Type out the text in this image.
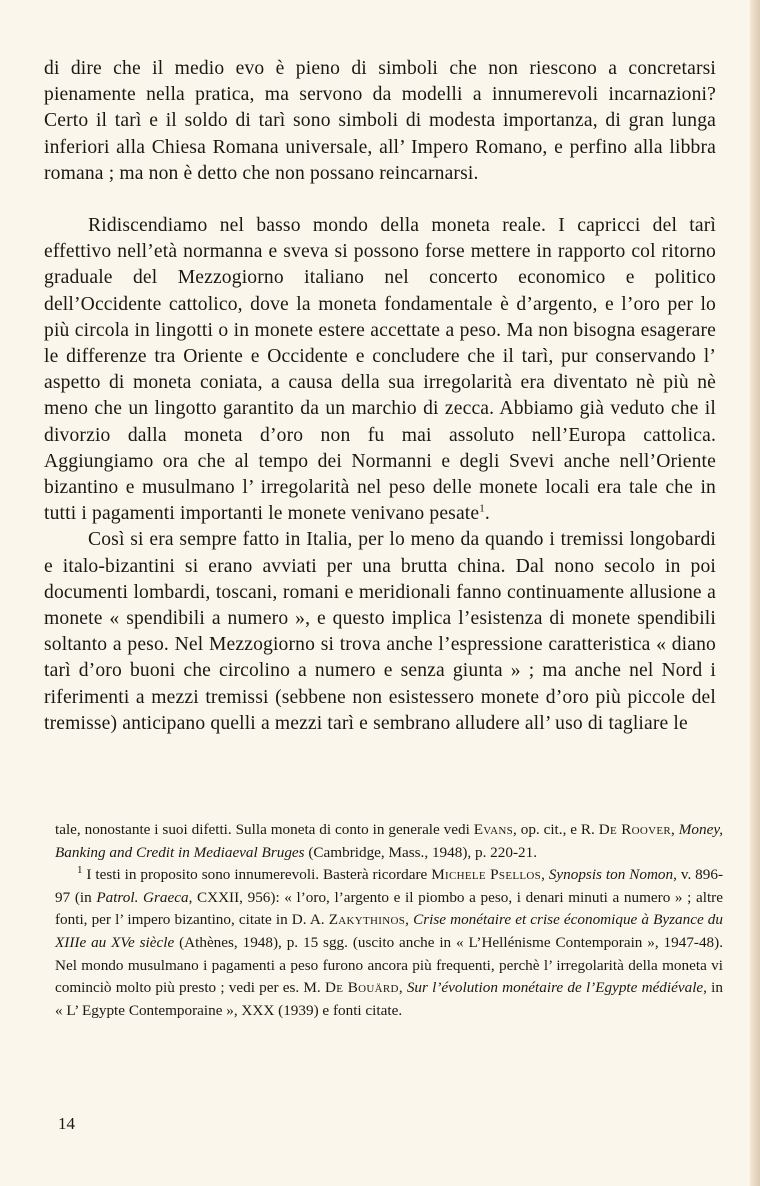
di dire che il medio evo è pieno di simboli che non riescono a concretarsi pienamente nella pratica, ma servono da modelli a innumerevoli incarnazioni? Certo il tarì e il soldo di tarì sono simboli di modesta importanza, di gran lunga inferiori alla Chiesa Romana universale, all’ Impero Romano, e perfino alla libbra romana ; ma non è detto che non possano reincarnarsi.

Ridiscendiamo nel basso mondo della moneta reale. I capricci del tarì effettivo nell’età normanna e sveva si possono forse mettere in rapporto col ritorno graduale del Mezzogiorno italiano nel concerto economico e politico dell’Occidente cattolico, dove la moneta fondamentale è d’argento, e l’oro per lo più circola in lingotti o in monete estere accettate a peso. Ma non bisogna esagerare le differenze tra Oriente e Occidente e concludere che il tarì, pur conservando l’ aspetto di moneta coniata, a causa della sua irregolarità era diventato nè più nè meno che un lingotto garantito da un marchio di zecca. Abbiamo già veduto che il divorzio dalla moneta d’oro non fu mai assoluto nell’Europa cattolica. Aggiungiamo ora che al tempo dei Normanni e degli Svevi anche nell’Oriente bizantino e musulmano l’ irregolarità nel peso delle monete locali era tale che in tutti i pagamenti importanti le monete venivano pesate$^1$.

Così si era sempre fatto in Italia, per lo meno da quando i tremissi longobardi e italo-bizantini si erano avviati per una brutta china. Dal nono secolo in poi documenti lombardi, toscani, romani e meridionali fanno continuamente allusione a monete « spendibili a numero », e questo implica l’esistenza di monete spendibili soltanto a peso. Nel Mezzogiorno si trova anche l’espressione caratteristica « diano tarì d’oro buoni che circolino a numero e senza giunta » ; ma anche nel Nord i riferimenti a mezzi tremissi (sebbene non esistessero monete d’oro più piccole del tremisse) anticipano quelli a mezzi tarì e sembrano alludere all’ uso di tagliare le

tale, nonostante i suoi difetti. Sulla moneta di conto in generale vedi Evans, op. cit., e R. De Roover, Money, Banking and Credit in Mediaeval Bruges (Cambridge, Mass., 1948), p. 220-21.

$^1$ I testi in proposito sono innumerevoli. Basterà ricordare Michele Psellos, Synopsis ton Nomon, v. 896-97 (in Patrol. Graeca, CXXII, 956): « l’oro, l’argento e il piombo a peso, i denari minuti a numero » ; altre fonti, per l’ impero bizantino, citate in D. A. Zakythinos, Crise monétaire et crise économique à Byzance du XIIIe au XVe siècle (Athènes, 1948), p. 15 sgg. (uscito anche in « L’Hellénisme Contemporain », 1947-48). Nel mondo musulmano i pagamenti a peso furono ancora più frequenti, perchè l’ irregolarità della moneta vi cominciò molto più presto ; vedi per es. M. De Bouärd, Sur l’évolution monétaire de l’Egypte médiévale, in « L’ Egypte Contemporaine », XXX (1939) e fonti citate.

14
